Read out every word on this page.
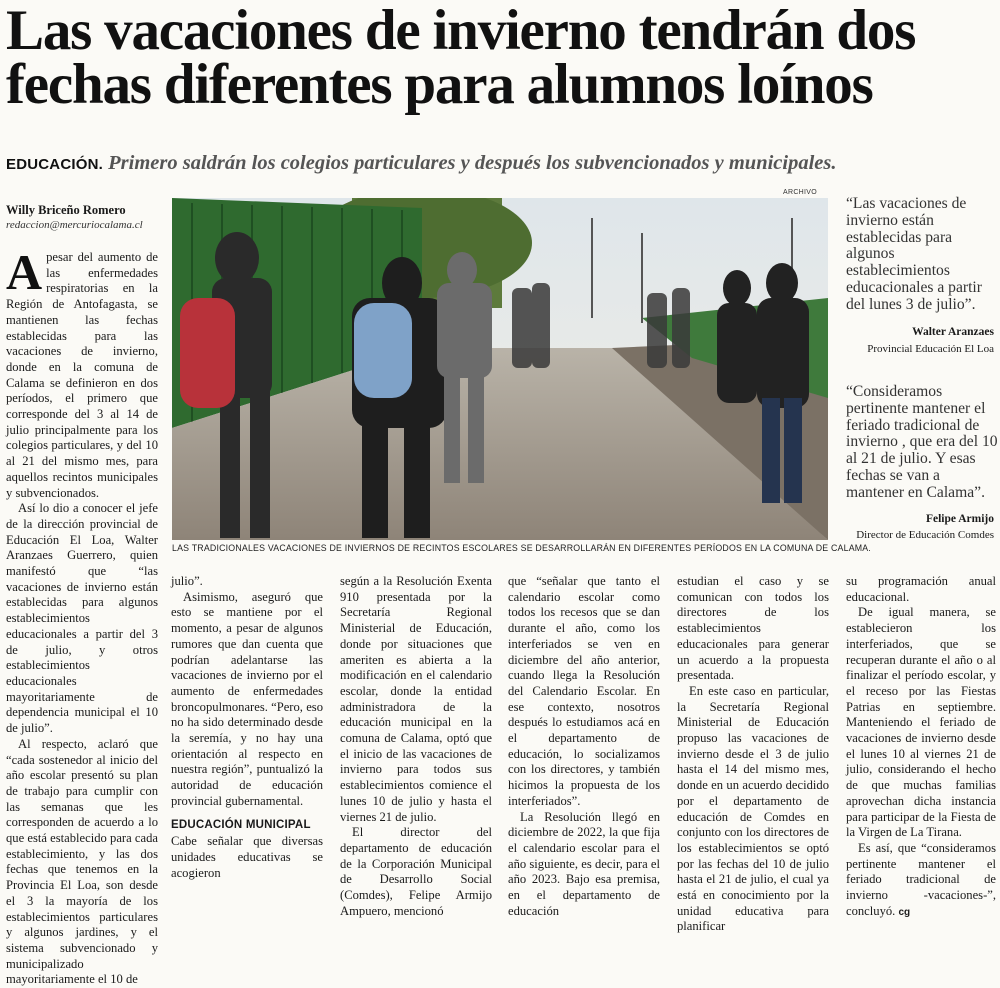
Las vacaciones de invierno tendrán dos fechas diferentes para alumnos loínos
EDUCACIÓN. Primero saldrán los colegios particulares y después los subvencionados y municipales.
Willy Briceño Romero
redaccion@mercuriocalama.cl

Apesar del aumento de las enfermedades respiratorias en la Región de Antofagasta, se mantienen las fechas establecidas para las vacaciones de invierno, donde en la comuna de Calama se definieron en dos períodos, el primero que corresponde del 3 al 14 de julio principalmente para los colegios particulares, y del 10 al 21 del mismo mes, para aquellos recintos municipales y subvencionados.

Así lo dio a conocer el jefe de la dirección provincial de Educación El Loa, Walter Aranzaes Guerrero, quien manifestó que “las vacaciones de invierno están establecidas para algunos establecimientos educacionales a partir del 3 de julio, y otros establecimientos educacionales mayoritariamente de dependencia municipal el 10 de julio”.

Al respecto, aclaró que “cada sostenedor al inicio del año escolar presentó su plan de trabajo para cumplir con las semanas que les corresponden de acuerdo a lo que está establecido para cada establecimiento, y las dos fechas que tenemos en la Provincia El Loa, son desde el 3 la mayoría de los establecimientos particulares y algunos jardines, y el sistema subvencionado y municipalizado mayoritariamente el 10 de

ARCHIVO
LAS TRADICIONALES VACACIONES DE INVIERNOS DE RECINTOS ESCOLARES SE DESARROLLARÁN EN DIFERENTES PERÍODOS EN LA COMUNA DE CALAMA.
“Las vacaciones de invierno están establecidas para algunos establecimientos educacionales a partir del lunes 3 de julio”.
Walter Aranzaes
Provincial Educación El Loa
“Consideramos pertinente mantener el feriado tradicional de invierno , que era del 10 al 21 de julio. Y esas fechas se van a mantener en Calama”.
Felipe Armijo
Director de Educación Comdes

julio”.

Asimismo, aseguró que esto se mantiene por el momento, a pesar de algunos rumores que dan cuenta que podrían adelantarse las vacaciones de invierno por el aumento de enfermedades broncopulmonares. “Pero, eso no ha sido determinado desde la seremía, y no hay una orientación al respecto en nuestra región”, puntualizó la autoridad de educación provincial gubernamental.

EDUCACIÓN MUNICIPAL

Cabe señalar que diversas unidades educativas se acogieron

según a la Resolución Exenta 910 presentada por la Secretaría Regional Ministerial de Educación, donde por situaciones que ameriten es abierta a la modificación en el calendario escolar, donde la entidad administradora de la educación municipal en la comuna de Calama, optó que el inicio de las vacaciones de invierno para todos sus establecimientos comience el lunes 10 de julio y hasta el viernes 21 de julio.

El director del departamento de educación de la Corporación Municipal de Desarrollo Social (Comdes), Felipe Armijo Ampuero, mencionó

que “señalar que tanto el calendario escolar como todos los recesos que se dan durante el año, como los interferiados se ven en diciembre del año anterior, cuando llega la Resolución del Calendario Escolar. En ese contexto, nosotros después lo estudiamos acá en el departamento de educación, lo socializamos con los directores, y también hicimos la propuesta de los interferiados”.

La Resolución llegó en diciembre de 2022, la que fija el calendario escolar para el año siguiente, es decir, para el año 2023. Bajo esa premisa, en el departamento de educación

estudian el caso y se comunican con todos los directores de los establecimientos educacionales para generar un acuerdo a la propuesta presentada.

En este caso en particular, la Secretaría Regional Ministerial de Educación propuso las vacaciones de invierno desde el 3 de julio hasta el 14 del mismo mes, donde en un acuerdo decidido por el departamento de educación de Comdes en conjunto con los directores de los establecimientos se optó por las fechas del 10 de julio hasta el 21 de julio, el cual ya está en conocimiento por la unidad educativa para planificar

su programación anual educacional.

De igual manera, se establecieron los interferiados, que se recuperan durante el año o al finalizar el período escolar, y el receso por las Fiestas Patrias en septiembre. Manteniendo el feriado de vacaciones de invierno desde el lunes 10 al viernes 21 de julio, considerando el hecho de que muchas familias aprovechan dicha instancia para participar de la Fiesta de la Virgen de La Tirana.

Es así, que “consideramos pertinente mantener el feriado tradicional de invierno -vacaciones-”, concluyó. cg
